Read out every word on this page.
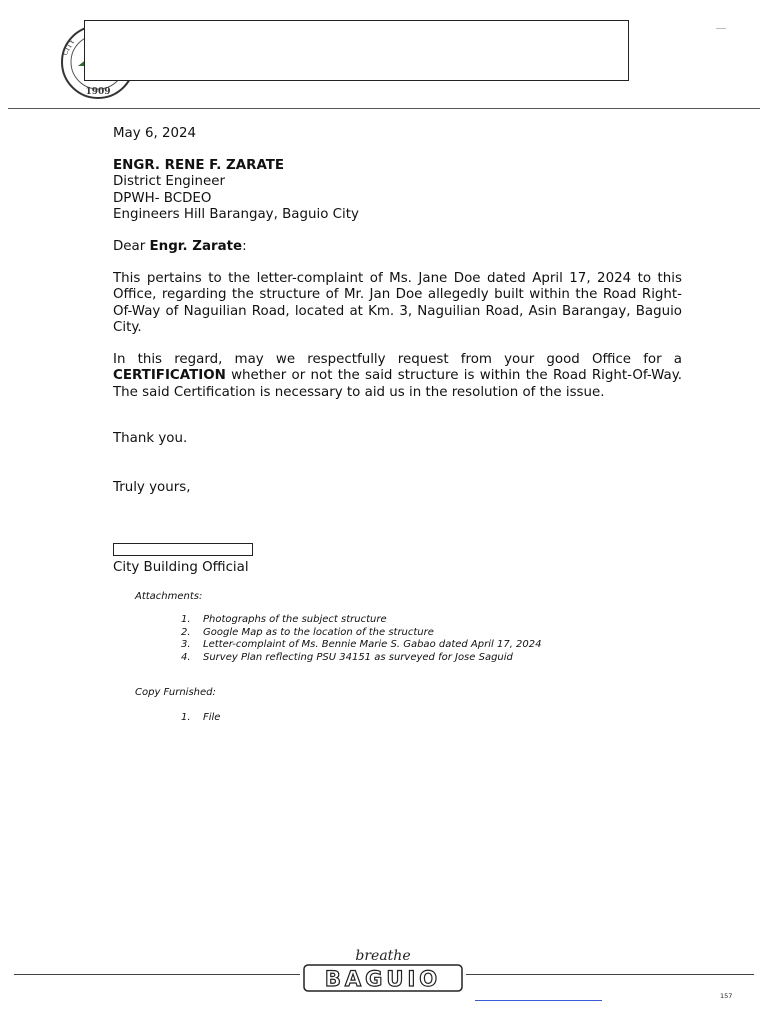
1909
CITY
May 6, 2024
ENGR. RENE F. ZARATE
District Engineer
DPWH- BCDEO
Engineers Hill Barangay, Baguio City
Dear Engr. Zarate:
This pertains to the letter-complaint of Ms. Jane Doe dated April 17, 2024 to this Office, regarding the structure of Mr. Jan Doe allegedly built within the Road Right-Of-Way of Naguilian Road, located at Km. 3, Naguilian Road, Asin Barangay, Baguio City.
In this regard, may we respectfully request from your good Office for a CERTIFICATION whether or not the said structure is within the Road Right-Of-Way. The said Certification is necessary to aid us in the resolution of the issue.
Thank you.
Truly yours,
City Building Official
Attachments:
1.	Photographs of the subject structure
2.	Google Map as to the location of the structure
3.	Letter-complaint of Ms. Bennie Marie S. Gabao dated April 17, 2024
4.	Survey Plan reflecting PSU 34151 as surveyed for Jose Saguid
Copy Furnished:
1.	File
breathe
BAGUIO
157
